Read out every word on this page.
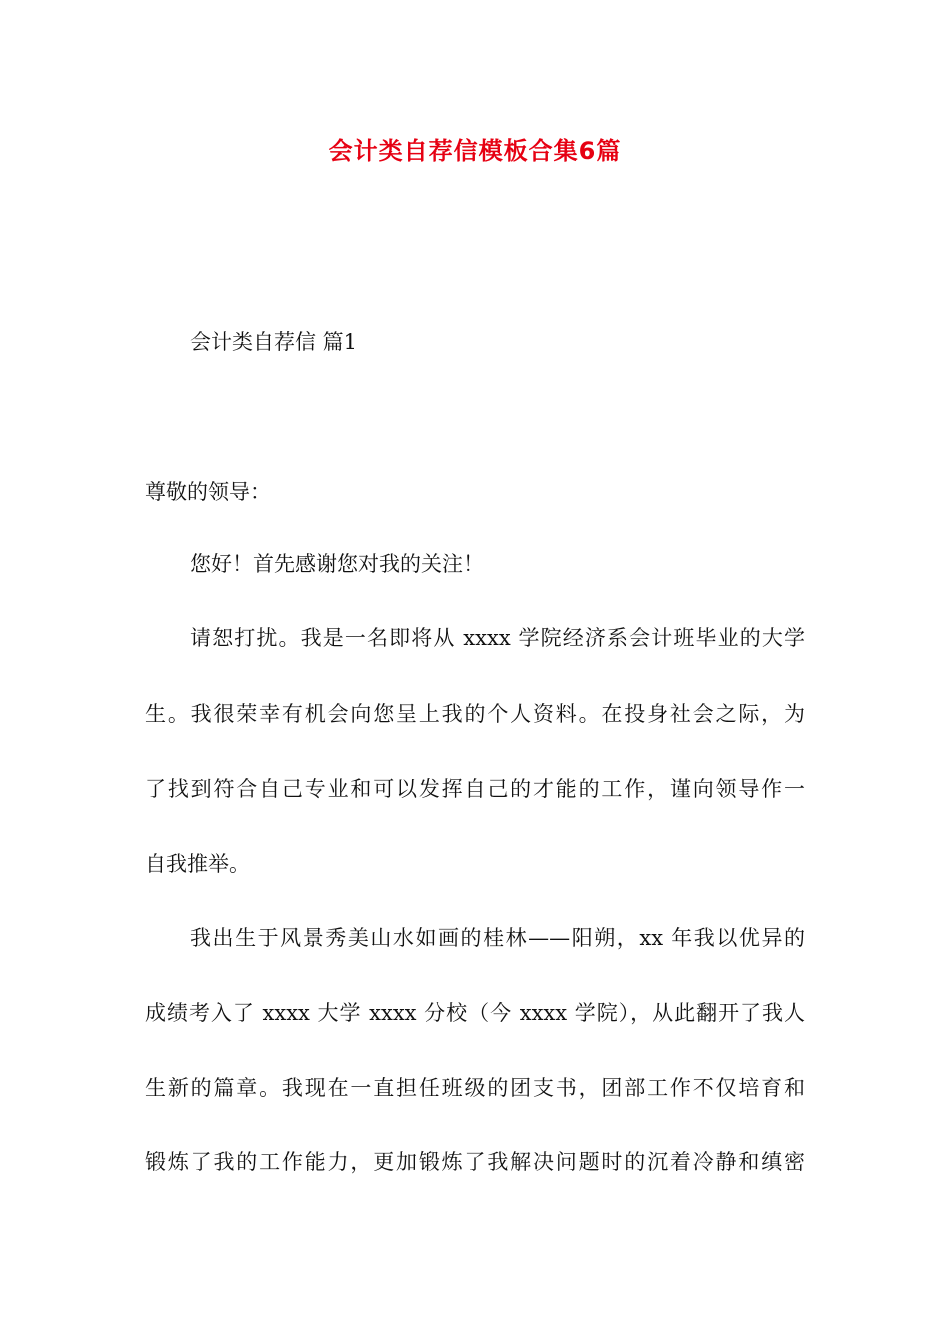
会计类自荐信模板合集6篇
会计类自荐信 篇1
尊敬的领导：
您好！首先感谢您对我的关注！
请恕打扰。我是一名即将从 xxxx 学院经济系会计班毕业的大学
生。我很荣幸有机会向您呈上我的个人资料。在投身社会之际，为
了找到符合自己专业和可以发挥自己的才能的工作，谨向领导作一
自我推举。
我出生于风景秀美山水如画的桂林——阳朔，xx 年我以优异的
成绩考入了 xxxx 大学 xxxx 分校（今 xxxx 学院），从此翻开了我人
生新的篇章。我现在一直担任班级的团支书，团部工作不仅培育和
锻炼了我的工作能力，更加锻炼了我解决问题时的沉着冷静和缜密
